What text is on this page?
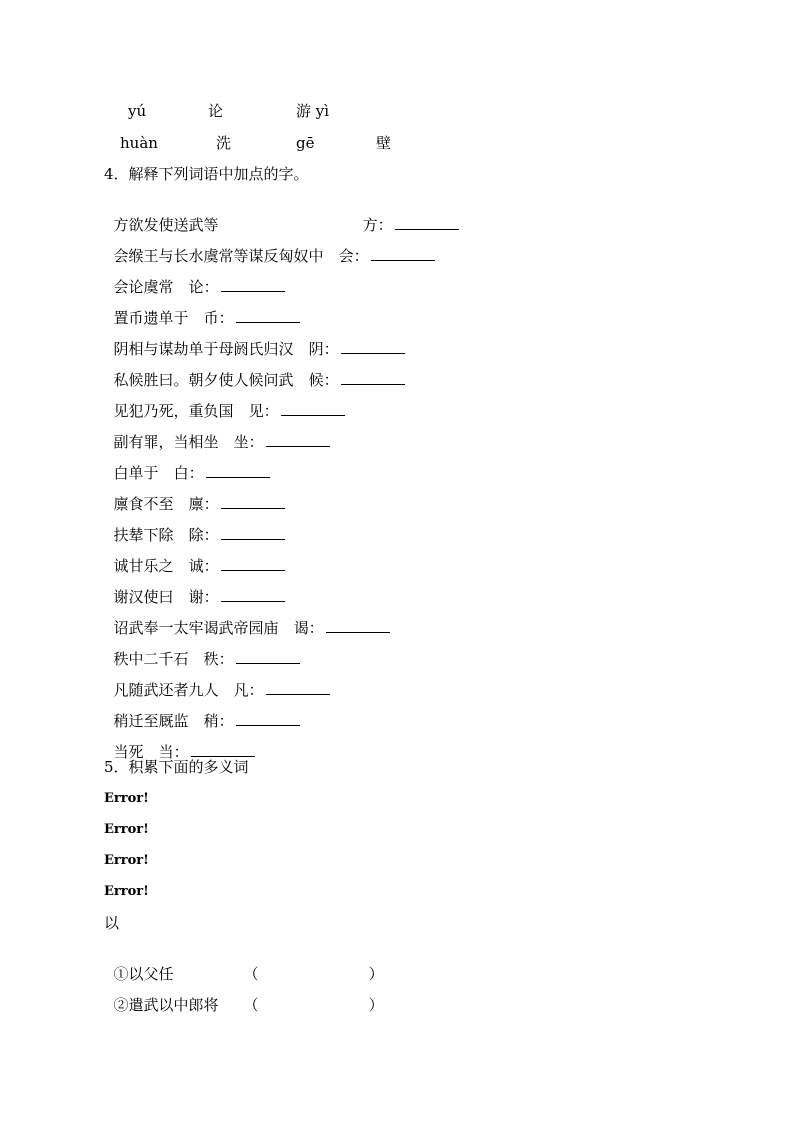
yú	论	游 yì
huàn	洗	gē	壁
4．解释下列词语中加点的字。

方欲发使送武等	方：

会缑王与长水虞常等谋反匈奴中　 会：

会论虞常　 论：

置币遗单于　 币：

阴相与谋劫单于母阏氏归汉　 阴：

私候胜曰。朝夕使人候问武　 候：

见犯乃死，重负国　 见：

副有罪，当相坐　 坐：

白单于　 白：

廪食不至　 廪：

扶辇下除　 除：

诚甘乐之　 诚：

谢汉使曰　 谢：

诏武奉一太牢谒武帝园庙　 谒：

秩中二千石　 秩：

凡随武还者九人　 凡：

稍迁至厩监　 稍：

当死　 当：

5．积累下面的多义词
Error!
Error!
Error!
Error!
以

①以父任	（	）

②遣武以中郎将 （	）
